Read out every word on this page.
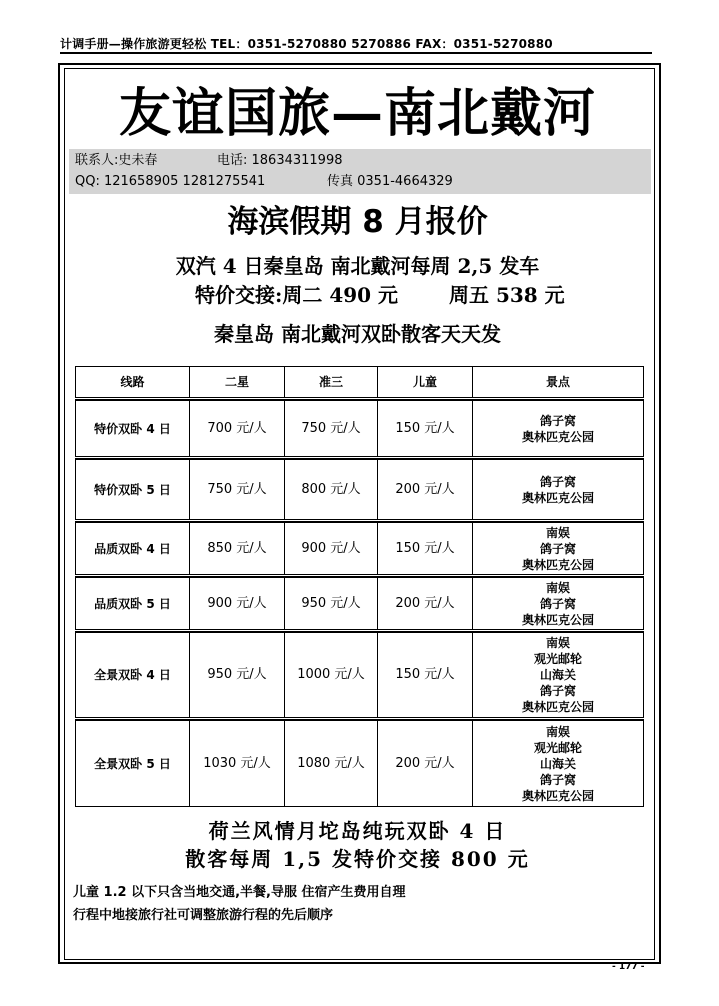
计调手册—操作旅游更轻松 TEL：0351-5270880 5270886 FAX：0351-5270880
友谊国旅—南北戴河
联系人:史未春	电话: 18634311998
QQ: 121658905 1281275541	传真 0351-4664329
海滨假期 8 月报价
双汽 4 日秦皇岛 南北戴河每周 2,5 发车
特价交接:周二 490 元	周五 538 元
秦皇岛 南北戴河双卧散客天天发
线路	二星	准三	儿童	景点

特价双卧 4 日	700 元/人	750 元/人	150 元/人	鸽子窝
奥林匹克公园

特价双卧 5 日	750 元/人	800 元/人	200 元/人	鸽子窝
奥林匹克公园

品质双卧 4 日	850 元/人	900 元/人	150 元/人	南娱
鸽子窝
奥林匹克公园

品质双卧 5 日	900 元/人	950 元/人	200 元/人	南娱
鸽子窝
奥林匹克公园

全景双卧 4 日	950 元/人	1000 元/人	150 元/人	南娱
观光邮轮
山海关
鸽子窝
奥林匹克公园

全景双卧 5 日	1030 元/人	1080 元/人	200 元/人	南娱
观光邮轮
山海关
鸽子窝
奥林匹克公园
荷兰风情月坨岛纯玩双卧 4 日
散客每周 1,5 发特价交接 800 元
儿童 1.2 以下只含当地交通,半餐,导服 住宿产生费用自理
行程中地接旅行社可调整旅游行程的先后顺序
- 177 -
